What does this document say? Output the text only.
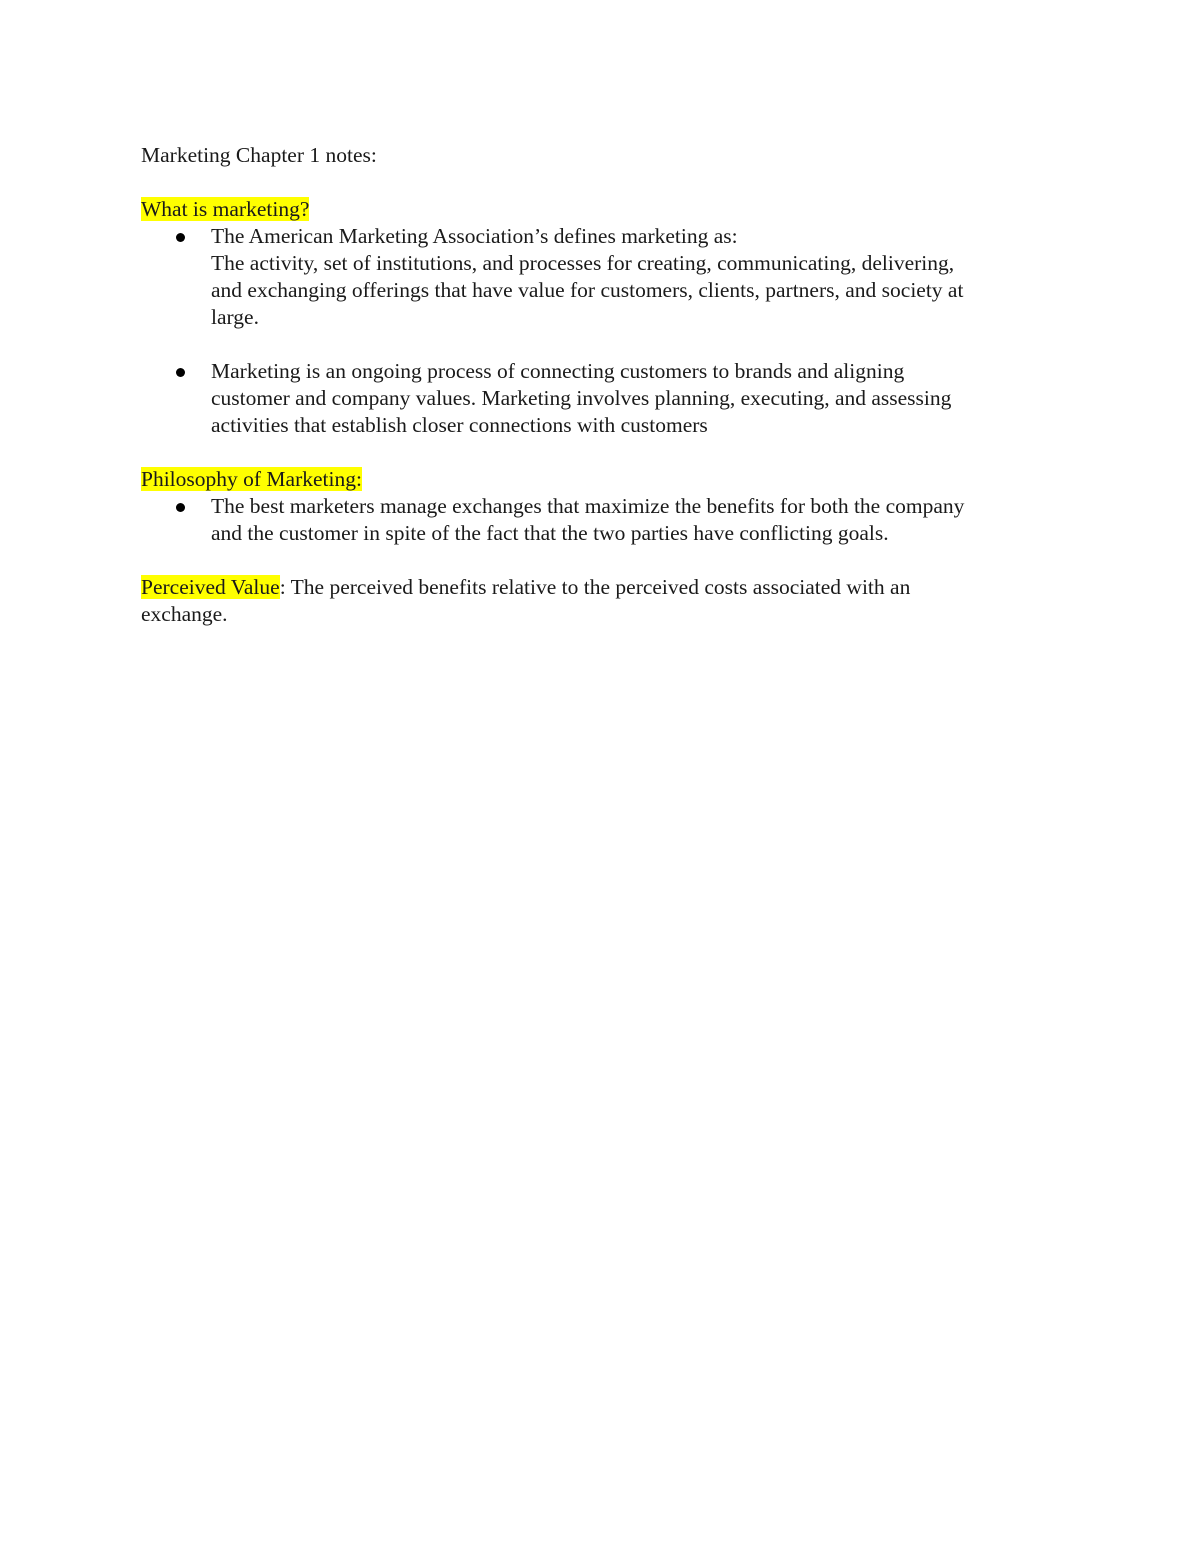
Marketing Chapter 1 notes:
What is marketing?
The American Marketing Association’s defines marketing as:
The activity, set of institutions, and processes for creating, communicating, delivering,
and exchanging offerings that have value for customers, clients, partners, and society at
large.
Marketing is an ongoing process of connecting customers to brands and aligning
customer and company values. Marketing involves planning, executing, and assessing
activities that establish closer connections with customers
Philosophy of Marketing:
The best marketers manage exchanges that maximize the benefits for both the company
and the customer in spite of the fact that the two parties have conflicting goals.
Perceived Value: The perceived benefits relative to the perceived costs associated with an
exchange.
